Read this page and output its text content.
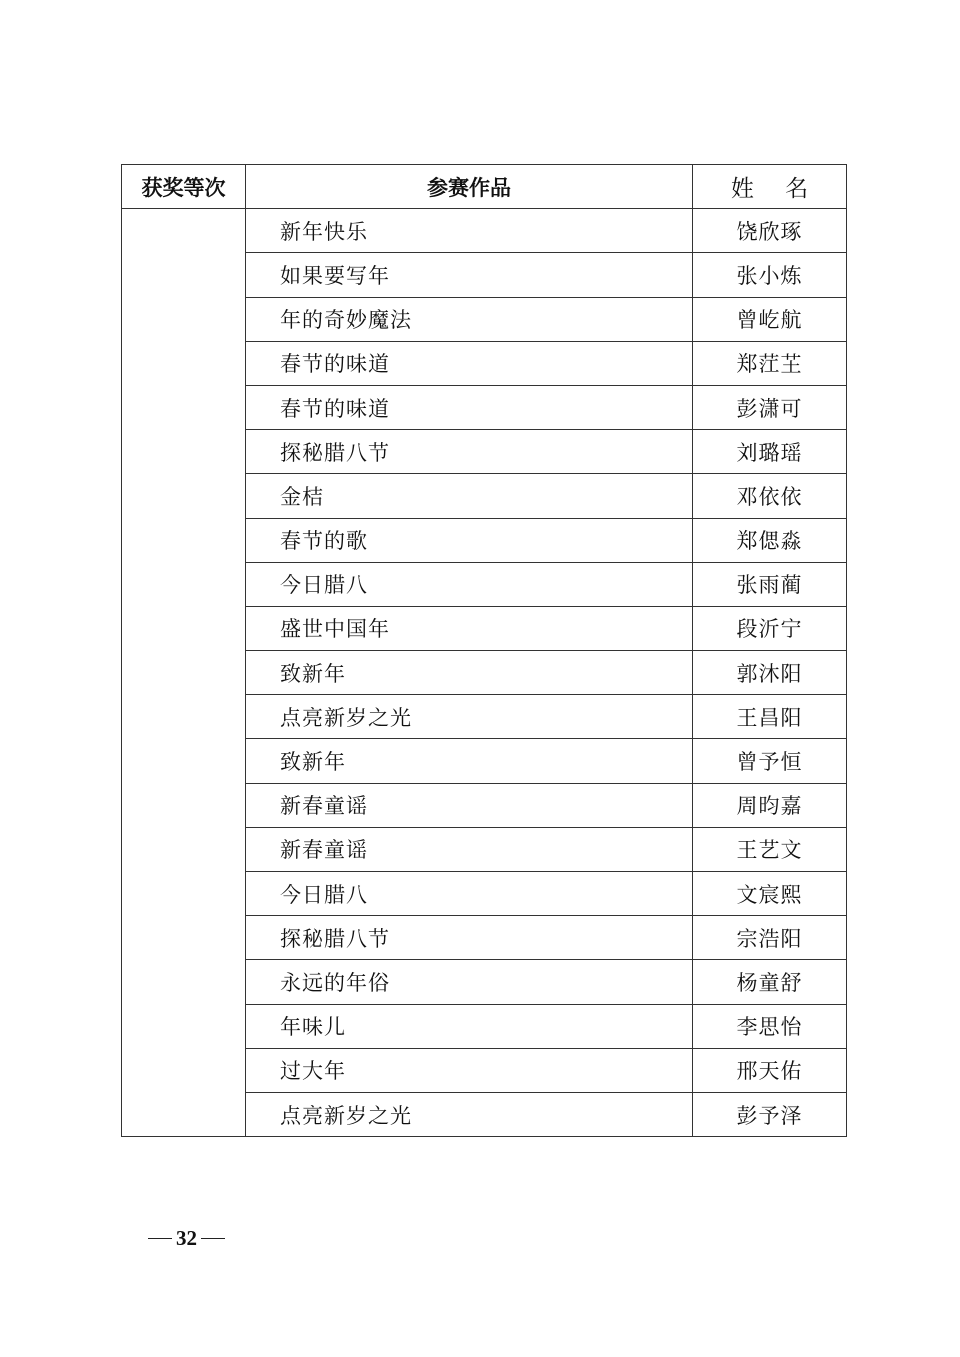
获奖等次	参赛作品	姓 名
	新年快乐	饶欣琢
	如果要写年	张小炼
	年的奇妙魔法	曾屹航
	春节的味道	郑茳芏
	春节的味道	彭潇可
	探秘腊八节	刘璐瑶
	金桔	邓依依
	春节的歌	郑偲淼
	今日腊八	张雨蔺
	盛世中国年	段沂宁
	致新年	郭沐阳
	点亮新岁之光	王昌阳
	致新年	曾予恒
	新春童谣	周昀嘉
	新春童谣	王艺文
	今日腊八	文宸熙
	探秘腊八节	宗浩阳
	永远的年俗	杨童舒
	年味儿	李思怡
	过大年	邢天佑
	点亮新岁之光	彭予泽
32
